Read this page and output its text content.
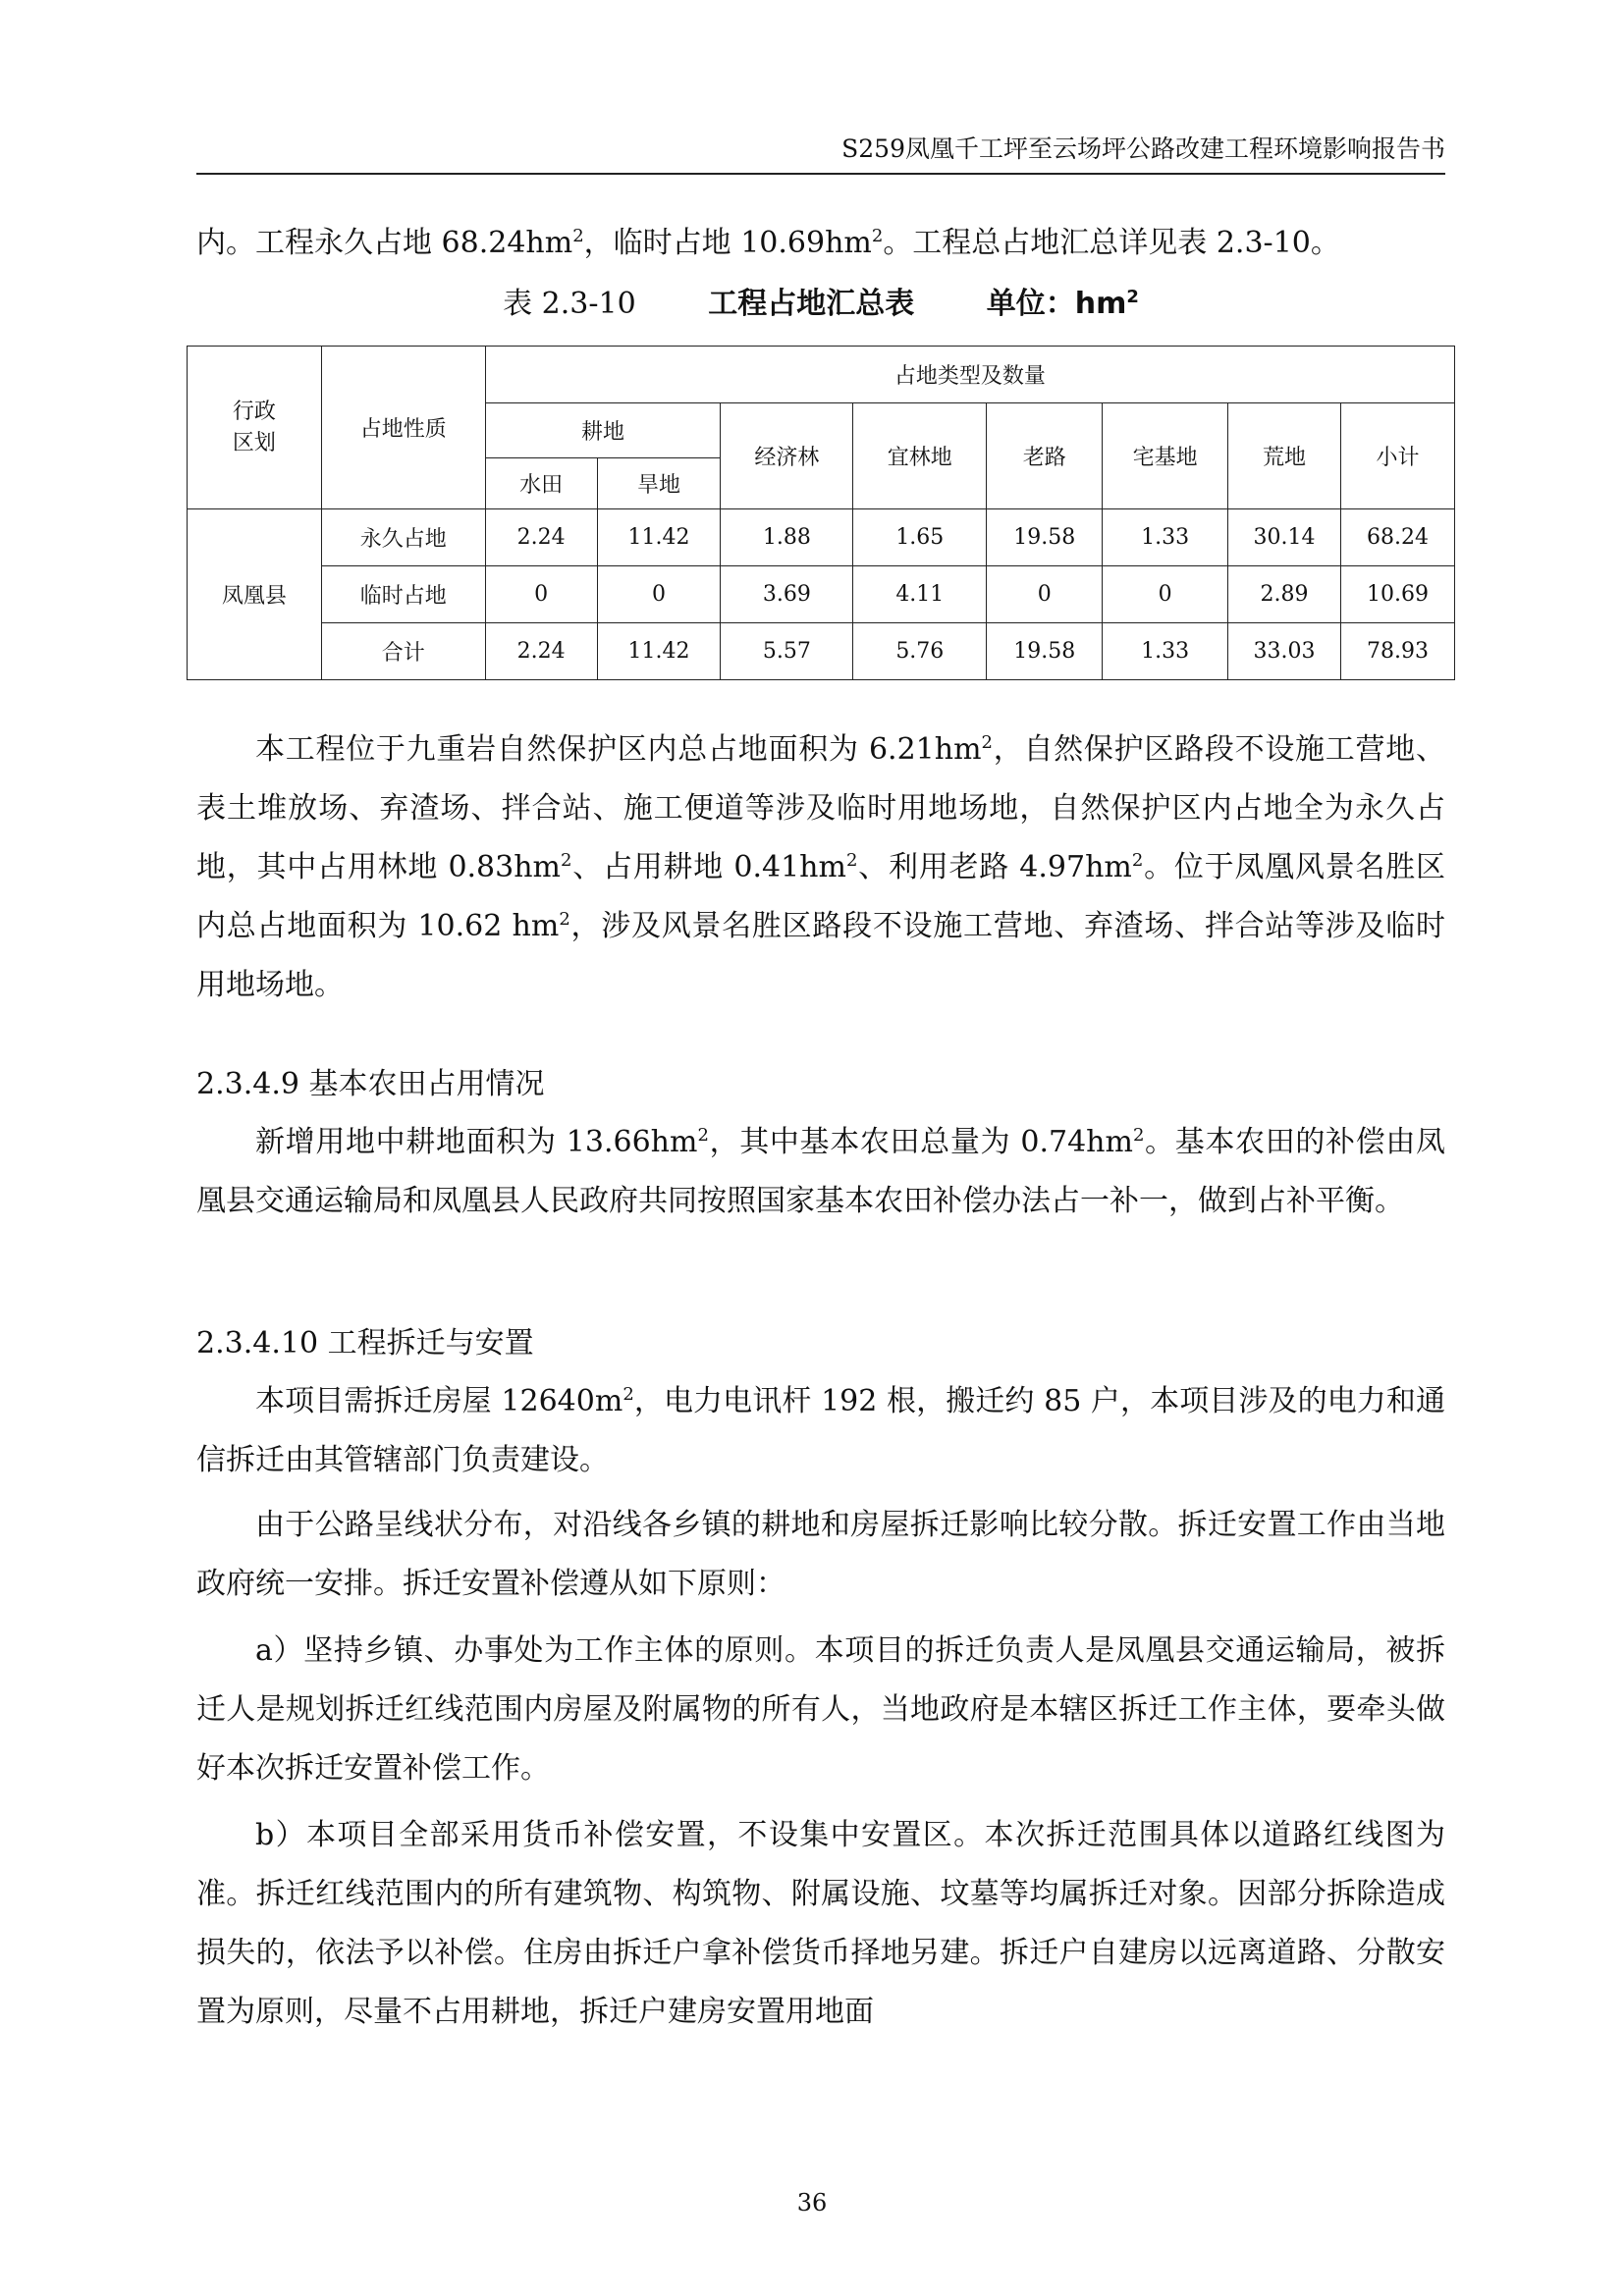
S259凤凰千工坪至云场坪公路改建工程环境影响报告书

内。工程永久占地 $68.24hm^2$，临时占地 $10.69hm^2$。工程总占地汇总详见表 2.3-10。

表 2.3-10 工程占地汇总表 单位：$hm^2$
行政
区划	占地性质	占地类型及数量							
		耕地		经济林	宜林地	老路	宅基地	荒地	小计
		水田	旱地						
凤凰县	永久占地	2.24	11.42	1.88	1.65	19.58	1.33	30.14	68.24
	临时占地	0	0	3.69	4.11	0	0	2.89	10.69
	合计	2.24	11.42	5.57	5.76	19.58	1.33	33.03	78.93

本工程位于九重岩自然保护区内总占地面积为 $6.21hm^2$，自然保护区路段不设施工营地、表土堆放场、弃渣场、拌合站、施工便道等涉及临时用地场地，自然保护区内占地全为永久占地，其中占用林地 $0.83hm^2$、占用耕地 $0.41hm^2$、利用老路 $4.97hm^2$。位于凤凰风景名胜区内总占地面积为 10.62 $hm^2$，涉及风景名胜区路段不设施工营地、弃渣场、拌合站等涉及临时用地场地。

2.3.4.9 基本农田占用情况

新增用地中耕地面积为 $13.66hm^2$，其中基本农田总量为 $0.74hm^2$。基本农田的补偿由凤凰县交通运输局和凤凰县人民政府共同按照国家基本农田补偿办法占一补一，做到占补平衡。

2.3.4.10 工程拆迁与安置

本项目需拆迁房屋 $12640m^2$，电力电讯杆 192 根，搬迁约 85 户，本项目涉及的电力和通信拆迁由其管辖部门负责建设。

由于公路呈线状分布，对沿线各乡镇的耕地和房屋拆迁影响比较分散。拆迁安置工作由当地政府统一安排。拆迁安置补偿遵从如下原则：

a）坚持乡镇、办事处为工作主体的原则。本项目的拆迁负责人是凤凰县交通运输局，被拆迁人是规划拆迁红线范围内房屋及附属物的所有人，当地政府是本辖区拆迁工作主体，要牵头做好本次拆迁安置补偿工作。

b）本项目全部采用货币补偿安置，不设集中安置区。本次拆迁范围具体以道路红线图为准。拆迁红线范围内的所有建筑物、构筑物、附属设施、坟墓等均属拆迁对象。因部分拆除造成损失的，依法予以补偿。住房由拆迁户拿补偿货币择地另建。拆迁户自建房以远离道路、分散安置为原则，尽量不占用耕地，拆迁户建房安置用地面

36
